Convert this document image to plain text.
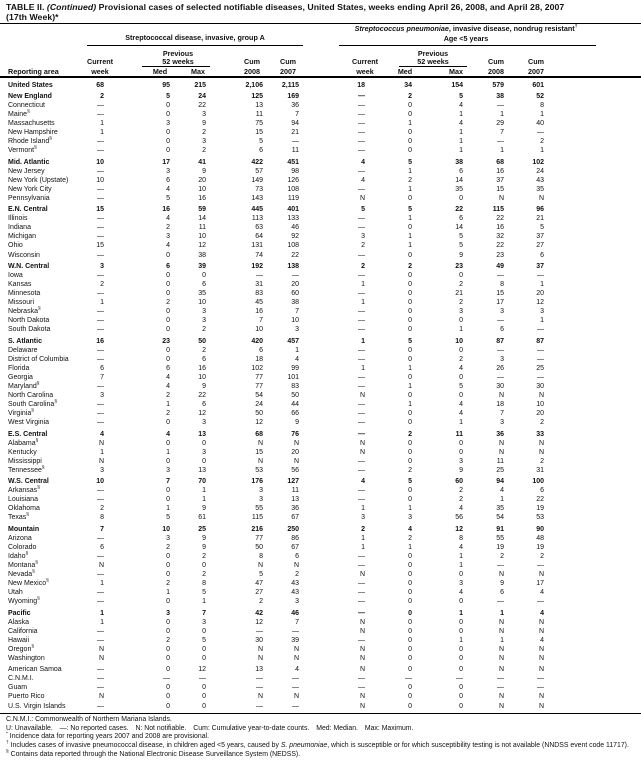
TABLE II. (Continued) Provisional cases of selected notifiable diseases, United States, weeks ending April 26, 2008, and April 28, 2007
(17th Week)*
Streptococcal disease, invasive, group A
Streptococcus pneumoniae, invasive disease, nondrug resistant†
Age <5 years
Previous
Current	52 weeks	Cum	Cum
Reporting area	week	Med	Max	2008	2007
Previous
Current	52 weeks	Cum	Cum
week	Med	Max	2008	2007
United States	68	95	215	2,106	2,115	18	34	154	579	601
New England	2	5	24	125	169	—	2	5	38	52
Connecticut	—	0	22	13	36	—	0	4	—	8
Maine§	—	0	3	11	7	—	0	1	1	1
Massachusetts	1	3	9	75	94	—	1	4	29	40
New Hampshire	1	0	2	15	21	—	0	1	7	—
Rhode Island§	—	0	3	5	—	—	0	1	—	2
Vermont§	—	0	2	6	11	—	0	1	1	1
Mid. Atlantic	10	17	41	422	451	4	5	38	68	102
New Jersey	—	3	9	57	98	—	1	6	16	24
New York (Upstate)	10	6	20	149	126	4	2	14	37	43
New York City	—	4	10	73	108	—	1	35	15	35
Pennsylvania	—	5	16	143	119	N	0	0	N	N
E.N. Central	15	16	59	445	401	5	5	22	115	96
Illinois	—	4	14	113	133	—	1	6	22	21
Indiana	—	2	11	63	46	—	0	14	16	5
Michigan	—	3	10	64	92	3	1	5	32	37
Ohio	15	4	12	131	108	2	1	5	22	27
Wisconsin	—	0	38	74	22	—	0	9	23	6
W.N. Central	3	6	39	192	138	2	2	23	49	37
Iowa	—	0	0	—	—	—	0	0	—	—
Kansas	2	0	6	31	20	1	0	2	8	1
Minnesota	—	0	35	83	60	—	0	21	15	20
Missouri	1	2	10	45	38	1	0	2	17	12
Nebraska§	—	0	3	16	7	—	0	3	3	3
North Dakota	—	0	3	7	10	—	0	0	—	1
South Dakota	—	0	2	10	3	—	0	1	6	—
S. Atlantic	16	23	50	420	457	1	5	10	87	87
Delaware	—	0	2	6	1	—	0	0	—	—
District of Columbia	—	0	6	18	4	—	0	2	3	—
Florida	6	6	16	102	99	1	1	4	26	25
Georgia	7	4	10	77	101	—	0	0	—	—
Maryland§	—	4	9	77	83	—	1	5	30	30
North Carolina	3	2	22	54	50	N	0	0	N	N
South Carolina§	—	1	6	24	44	—	1	4	18	10
Virginia§	—	2	12	50	66	—	0	4	7	20
West Virginia	—	0	3	12	9	—	0	1	3	2
E.S. Central	4	4	13	68	76	—	2	11	36	33
Alabama§	N	0	0	N	N	N	0	0	N	N
Kentucky	1	1	3	15	20	N	0	0	N	N
Mississippi	N	0	0	N	N	—	0	3	11	2
Tennessee§	3	3	13	53	56	—	2	9	25	31
W.S. Central	10	7	70	176	127	4	5	60	94	100
Arkansas§	—	0	1	3	11	—	0	2	4	6
Louisiana	—	0	1	3	13	—	0	2	1	22
Oklahoma	2	1	9	55	36	1	1	4	35	19
Texas§	8	5	61	115	67	3	3	56	54	53
Mountain	7	10	25	216	250	2	4	12	91	90
Arizona	—	3	9	77	86	1	2	8	55	48
Colorado	6	2	9	50	67	1	1	4	19	19
Idaho§	—	0	2	8	6	—	0	1	2	2
Montana§	N	0	0	N	N	—	0	1	—	—
Nevada§	—	0	2	5	2	N	0	0	N	N
New Mexico§	1	2	8	47	43	—	0	3	9	17
Utah	—	1	5	27	43	—	0	4	6	4
Wyoming§	—	0	1	2	3	—	0	0	—	—
Pacific	1	3	7	42	46	—	0	1	1	4
Alaska	1	0	3	12	7	N	0	0	N	N
California	—	0	0	—	—	N	0	0	N	N
Hawaii	—	2	5	30	39	—	0	1	1	4
Oregon§	N	0	0	N	N	N	0	0	N	N
Washington	N	0	0	N	N	N	0	0	N	N
American Samoa	—	0	12	13	4	N	0	0	N	N
C.N.M.I.	—	—	—	—	—	—	—	—	—	—
Guam	—	0	0	—	—	—	0	0	—	—
Puerto Rico	N	0	0	N	N	N	0	0	N	N
U.S. Virgin Islands	—	0	0	—	—	N	0	0	N	N
C.N.M.I.: Commonwealth of Northern Mariana Islands.
U: Unavailable. —: No reported cases. N: Not notifiable. Cum: Cumulative year-to-date counts. Med: Median. Max: Maximum.
* Incidence data for reporting years 2007 and 2008 are provisional.
† Includes cases of invasive pneumococcal disease, in children aged <5 years, caused by S. pneumoniae, which is susceptible or for which susceptibility testing is not available (NNDSS event code 11717).
§ Contains data reported through the National Electronic Disease Surveillance System (NEDSS).
